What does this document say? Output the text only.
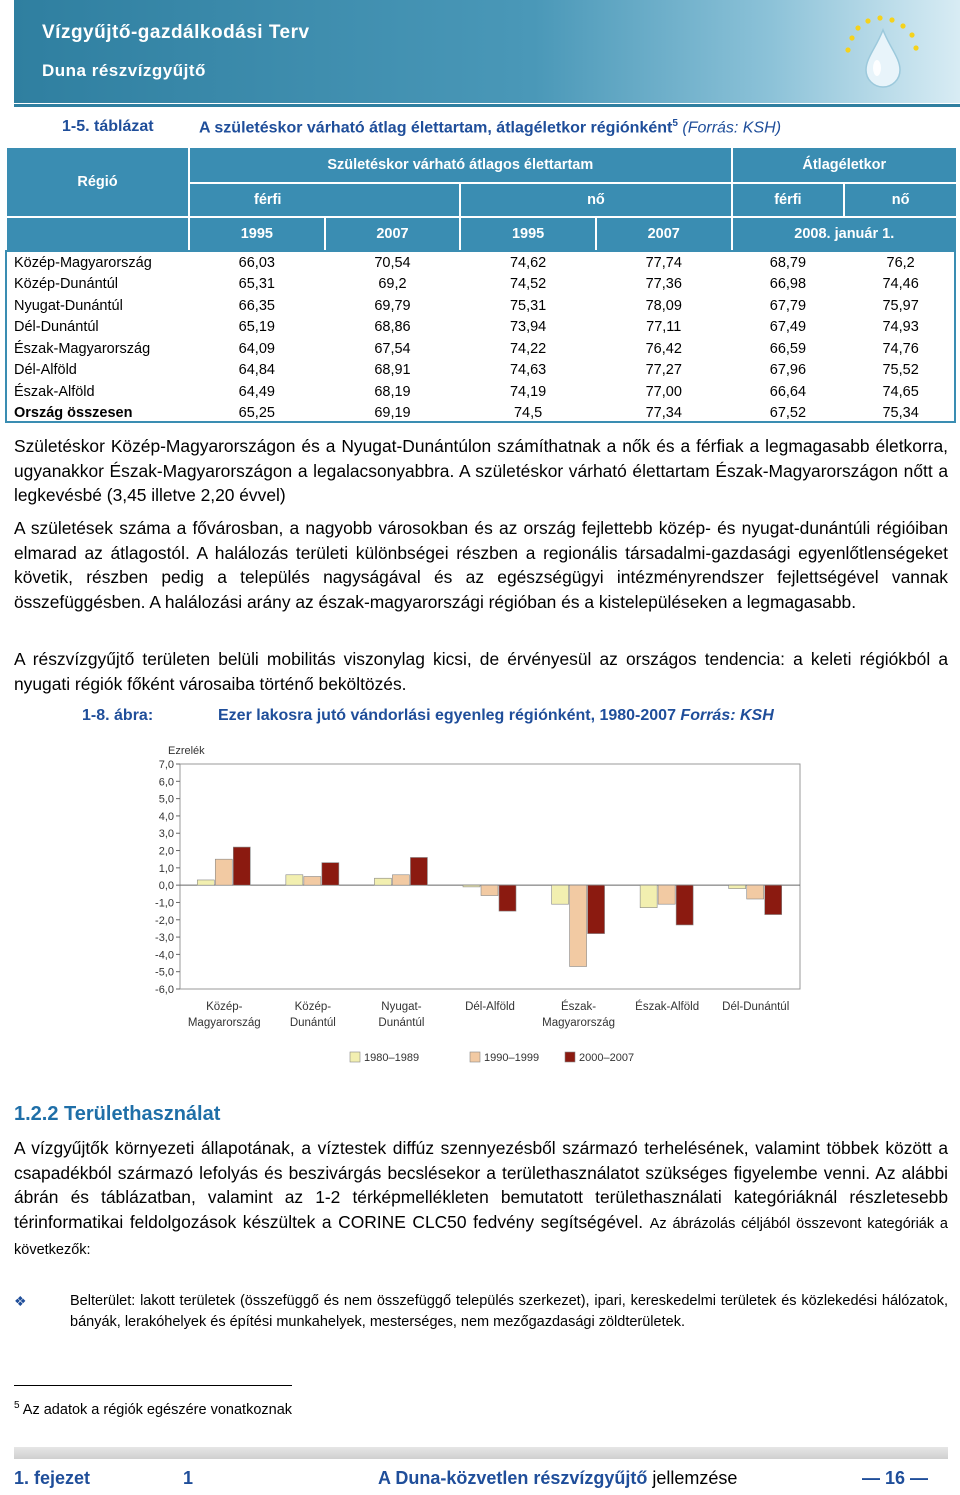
Vízgyűjtő-gazdálkodási Terv
Duna részvízgyűjtő
1-5. táblázat	A születéskor várható átlag élettartam, átlagéletkor régiónként$^5$ (Forrás: KSH)
Régió	Születéskor várható átlagos élettartam				Átlagéletkor	
	férfi		nő		férfi	nő
	1995	2007	1995	2007	2008. január 1.	
Közép-Magyarország	66,03	70,54	74,62	77,74	68,79	76,2
Közép-Dunántúl	65,31	69,2	74,52	77,36	66,98	74,46
Nyugat-Dunántúl	66,35	69,79	75,31	78,09	67,79	75,97
Dél-Dunántúl	65,19	68,86	73,94	77,11	67,49	74,93
Észak-Magyarország	64,09	67,54	74,22	76,42	66,59	74,76
Dél-Alföld	64,84	68,91	74,63	77,27	67,96	75,52
Észak-Alföld	64,49	68,19	74,19	77,00	66,64	74,65
Ország összesen	65,25	69,19	74,5	77,34	67,52	75,34
Születéskor Közép-Magyarországon és a Nyugat-Dunántúlon számíthatnak a nők és a férfiak a legmagasabb életkorra, ugyanakkor Észak-Magyarországon a legalacsonyabbra. A születéskor várható élettartam Észak-Magyarországon nőtt a legkevésbé (3,45 illetve 2,20 évvel)
A születések száma a fővárosban, a nagyobb városokban és az ország fejlettebb közép- és nyugat-dunántúli régióiban elmarad az átlagostól. A halálozás területi különbségei részben a regionális társadalmi-gazdasági egyenlőtlenségeket követik, részben pedig a település nagyságával és az egészségügyi intézményrendszer fejlettségével vannak összefüggésben. A halálozási arány az észak-magyarországi régióban és a kistelepüléseken a legmagasabb.
A részvízgyűjtő területen belüli mobilitás viszonylag kicsi, de érvényesül az országos tendencia: a keleti régiókból a nyugati régiók főként városaiba történő beköltözés.
1-8. ábra:	Ezer lakosra jutó vándorlási egyenleg régiónként, 1980-2007 Forrás: KSH
Ezrelék
7,0
6,0
5,0
4,0
3,0
2,0
1,0
0,0
-1,0
-2,0
-3,0
-4,0
-5,0
-6,0
Közép-
Magyarország
Közép-
Dunántúl
Nyugat-
Dunántúl
Dél-Alföld	Észak-
Magyarország
Észak-Alföld Dél-Dunántúl
1980–1989	1990–1999	2000–2007
1.2.2 Területhasználat
A vízgyűjtők környezeti állapotának, a víztestek diffúz szennyezésből származó terhelésének, valamint többek között a csapadékból származó lefolyás és beszivárgás becslésekor a területhasználatot szükséges figyelembe venni. Az alábbi ábrán és táblázatban, valamint az 1-2 térképmellékleten bemutatott területhasználati kategóriáknál részletesebb térinformatikai feldolgozások készültek a CORINE CLC50 fedvény segítségével. Az ábrázolás céljából összevont kategóriák a következők:
❖	Belterület: lakott területek (összefüggő és nem összefüggő település szerkezet), ipari, kereskedelmi területek és közlekedési hálózatok, bányák, lerakóhelyek és építési munkahelyek, mesterséges, nem mezőgazdasági zöldterületek.
$^5$ Az adatok a régiók egészére vonatkoznak
1. fejezet	1	A Duna-közvetlen részvízgyűjtő jellemzése	— 16 —
